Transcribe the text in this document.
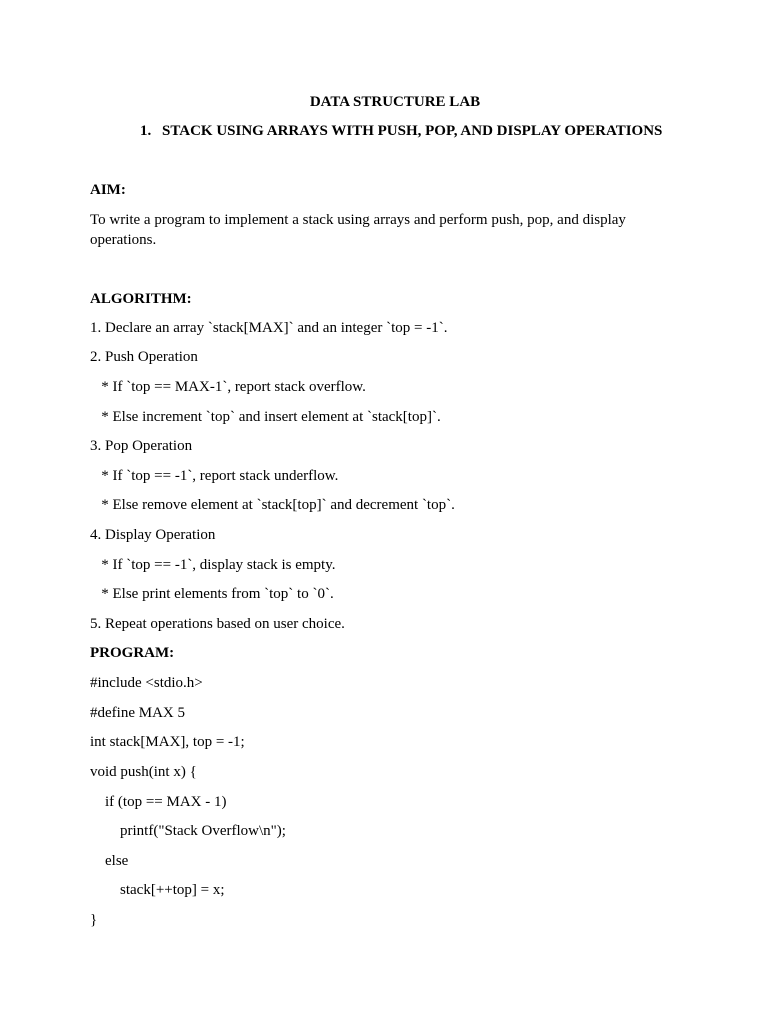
DATA STRUCTURE LAB
1. STACK USING ARRAYS WITH PUSH, POP, AND DISPLAY OPERATIONS
AIM:
To write a program to implement a stack using arrays and perform push, pop, and display operations.
ALGORITHM:
1. Declare an array `stack[MAX]` and an integer `top = -1`.
2. Push Operation
* If `top == MAX-1`, report stack overflow.
* Else increment `top` and insert element at `stack[top]`.
3. Pop Operation
* If `top == -1`, report stack underflow.
* Else remove element at `stack[top]` and decrement `top`.
4. Display Operation
* If `top == -1`, display stack is empty.
* Else print elements from `top` to `0`.
5. Repeat operations based on user choice.
PROGRAM:
#include <stdio.h>
#define MAX 5
int stack[MAX], top = -1;
void push(int x) {
if (top == MAX - 1)
printf("Stack Overflow\n");
else
stack[++top] = x;
}
